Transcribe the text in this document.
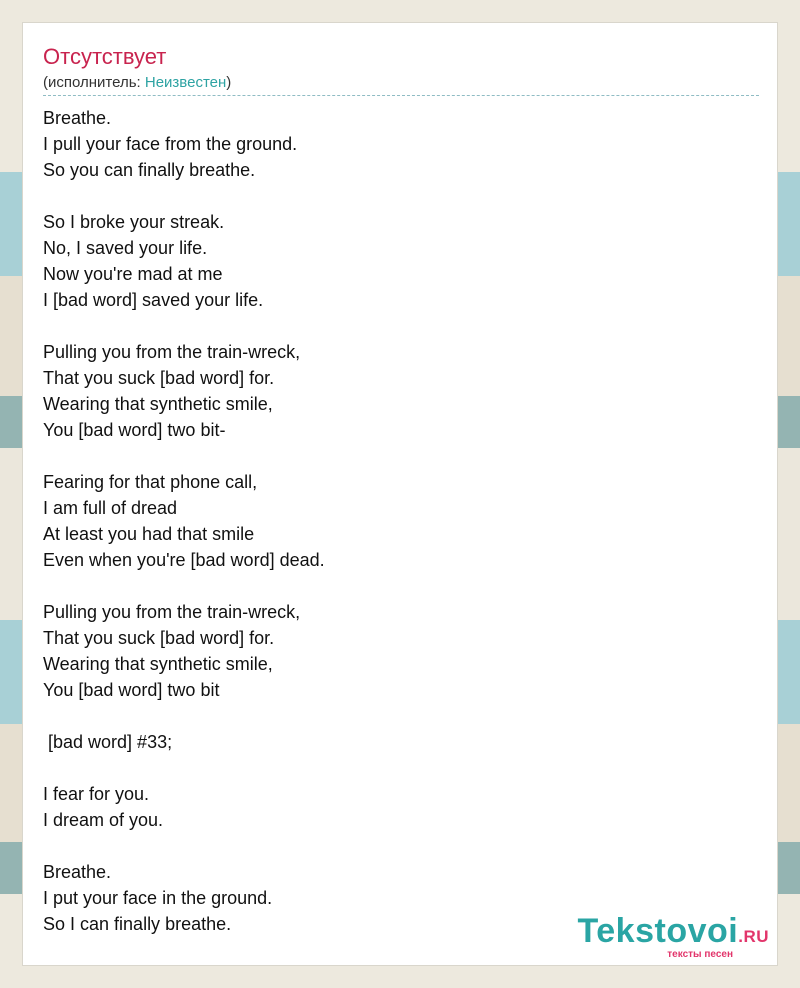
Отсутствует
(исполнитель: Неизвестен)
Breathe.
I pull your face from the ground.
So you can finally breathe.

So I broke your streak.
No, I saved your life.
Now you're mad at me
I [bad word] saved your life.

Pulling you from the train-wreck,
That you suck [bad word] for.
Wearing that synthetic smile,
You [bad word] two bit-

Fearing for that phone call,
I am full of dread
At least you had that smile
Even when you're [bad word] dead.

Pulling you from the train-wreck,
That you suck [bad word] for.
Wearing that synthetic smile,
You [bad word] two bit

[bad word] #33;

I fear for you.
I dream of you.

Breathe.
I put your face in the ground.
So I can finally breathe.	Tekstovoi.RU
тексты песен
